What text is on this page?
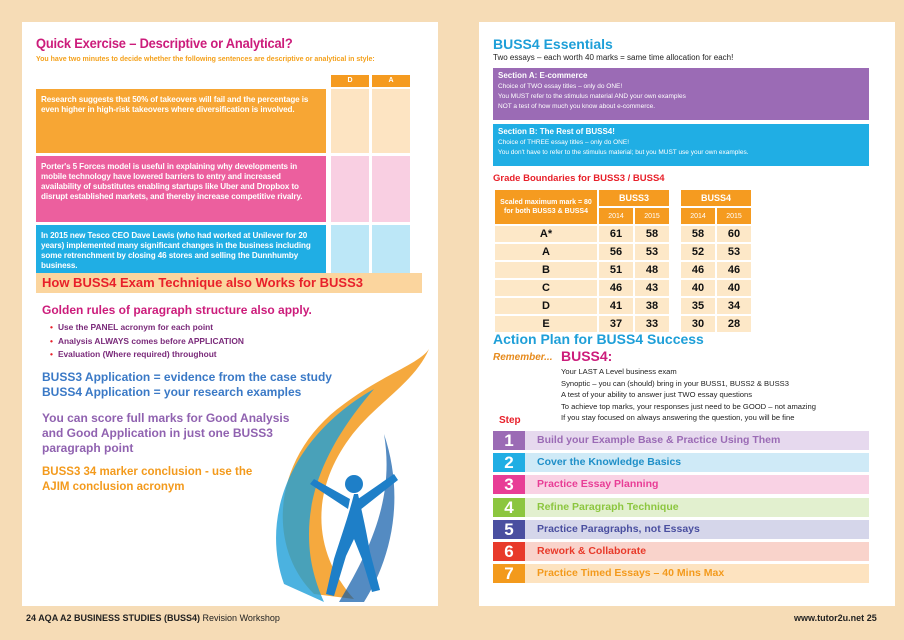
Quick Exercise – Descriptive or Analytical?
You have two minutes to decide whether the following sentences are descriptive or analytical in style:
D	A
Research suggests that 50% of takeovers will fail and the percentage is even higher in high-risk takeovers where diversification is involved.
Porter's 5 Forces model is useful in explaining why developments in mobile technology have lowered barriers to entry and increased availability of substitutes enabling startups like Uber and Dropbox to disrupt established markets, and thereby increase competitive rivalry.
In 2015 new Tesco CEO Dave Lewis (who had worked at Unilever for 20 years) implemented many significant changes in the business including some retrenchment by closing 46 stores and selling the Dunnhumby business.
How BUSS4 Exam Technique also Works for BUSS3
Golden rules of paragraph structure also apply.
• Use the PANEL acronym for each point
• Analysis ALWAYS comes before APPLICATION
• Evaluation (Where required) throughout
BUSS3 Application = evidence from the case study
BUSS4 Application = your research examples
You can score full marks for Good Analysis and Good Application in just one BUSS3 paragraph point
BUSS3 34 marker conclusion - use the AJIM conclusion acronym
24 AQA A2 BUSINESS STUDIES (BUSS4) Revision Workshop
BUSS4 Essentials
Two essays – each worth 40 marks = same time allocation for each!
Section A: E-commerce
Choice of TWO essay titles – only do ONE!
You MUST refer to the stimulus material AND your own examples
NOT a test of how much you know about e-commerce.
Section B: The Rest of BUSS4!
Choice of THREE essay titles – only do ONE!
You don't have to refer to the stimulus material; but you MUST use your own examples.
Grade Boundaries for BUSS3 / BUSS4
Scaled maximum mark = 80 for both BUSS3 & BUSS4	BUSS3			BUSS4	
	2014	2015		2014	2015
A*	61	58		58	60
A	56	53		52	53
B	51	48		46	46
C	46	43		40	40
D	41	38		35	34
E	37	33		30	28
Action Plan for BUSS4 Success
Remember... BUSS4:
Your LAST A Level business exam
Synoptic – you can (should) bring in your BUSS1, BUSS2 & BUSS3
A test of your ability to answer just TWO essay questions
To achieve top marks, your responses just need to be GOOD – not amazing
If you stay focused on always answering the question, you will be fine
Step
1	Build your Example Base & Practice Using Them
2	Cover the Knowledge Basics
3	Practice Essay Planning
4	Refine Paragraph Technique
5	Practice Paragraphs, not Essays
6	Rework & Collaborate
7	Practice Timed Essays – 40 Mins Max
www.tutor2u.net 25
